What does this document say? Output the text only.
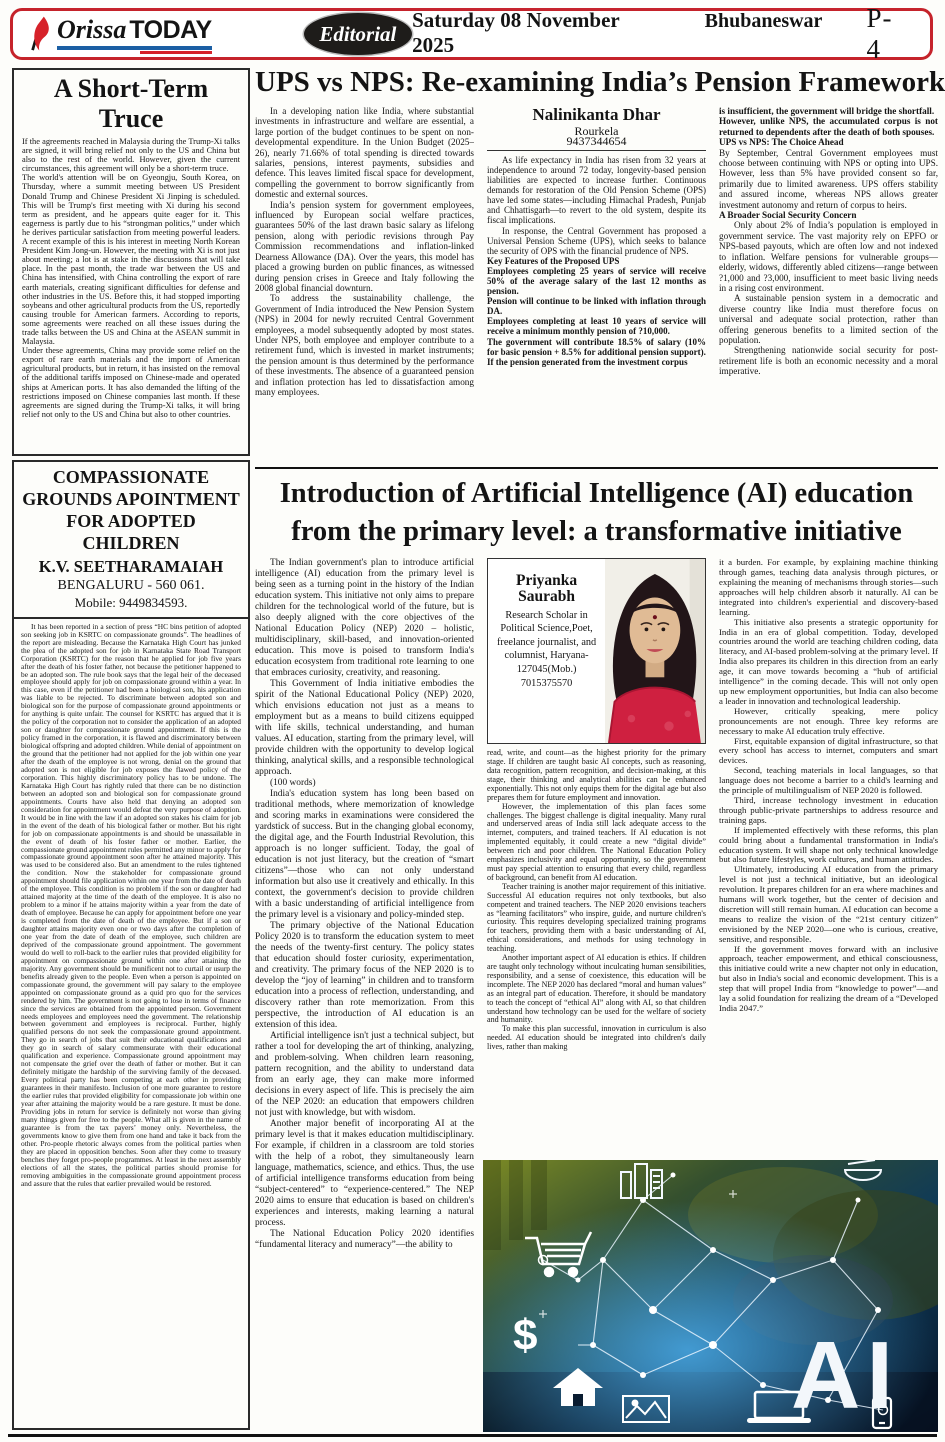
Orissa TODAY	Editorial
Saturday 08 November 2025
Bhubaneswar P-4
A Short-Term Truce

If the agreements reached in Malaysia during the Trump-Xi talks are signed, it will bring relief not only to the US and China but also to the rest of the world. However, given the current circumstances, this agreement will only be a short-term truce.

The world's attention will be on Gyeongju, South Korea, on Thursday, where a summit meeting between US President Donald Trump and Chinese President Xi Jinping is scheduled. This will be Trump's first meeting with Xi during his second term as president, and he appears quite eager for it. This eagerness is partly due to his “strongman politics,” under which he derives particular satisfaction from meeting powerful leaders. A recent example of this is his interest in meeting North Korean President Kim Jong-un. However, the meeting with Xi is not just about meeting; a lot is at stake in the discussions that will take place. In the past month, the trade war between the US and China has intensified, with China controlling the export of rare earth materials, creating significant difficulties for defense and other industries in the US. Before this, it had stopped importing soybeans and other agricultural products from the US, reportedly causing trouble for American farmers. According to reports, some agreements were reached on all these issues during the trade talks between the US and China at the ASEAN summit in Malaysia.

Under these agreements, China may provide some relief on the export of rare earth materials and the import of American agricultural products, but in return, it has insisted on the removal of the additional tariffs imposed on Chinese-made and operated ships at American ports. It has also demanded the lifting of the restrictions imposed on Chinese companies last month. If these agreements are signed during the Trump-Xi talks, it will bring relief not only to the US and China but also to other countries.

COMPASSIONATE GROUNDS APOINTMENT FOR ADOPTED CHILDREN
K.V. SEETHARAMAIAH
BENGALURU - 560 061.
Mobile: 9449834593.
It has been reported in a section of press “HC bins petition of adopted son seeking job in KSRTC on compassionate grounds”. The headlines of the report are misleading. Because the Karnataka High Court has junked the plea of the adopted son for job in Karnataka State Road Transport Corporation (KSRTC) for the reason that he applied for job five years after the death of his foster father, not because the petitioner happened to be an adopted son. The rule book says that the legal heir of the deceased employee should apply for job on compassionate ground within a year. In this case, even if the petitioner had been a biological son, his application was liable to be rejected. To discriminate between adopted son and biological son for the purpose of compassionate ground appointments or for anything is quite unfair. The counsel for KSRTC has argued that it is the policy of the corporation not to consider the application of an adopted son or daughter for compassionate ground appointment. If this is the policy framed in the corporation, it is flawed and discriminatory between biological offspring and adopted children. While denial of appointment on the ground that the petitioner had not applied for the job within one year after the death of the employee is not wrong, denial on the ground that adopted son is not eligible for job exposes the flawed policy of the corporation. This highly discriminatory policy has to be undone. The Karnataka High Court has rightly ruled that there can be no distinction between an adopted son and biological son for compassionate ground appointments. Courts have also held that denying an adopted son consideration for appointment would defeat the very purpose of adoption. It would be in line with the law if an adopted son stakes his claim for job in the event of the death of his biological father or mother. But his right for job on compassionate appointments is and should be unassailable in the event of death of his foster father or mother. Earlier, the compassionate ground appointment rules permitted any minor to apply for compassionate ground appointment soon after he attained majority. This was used to be considered also. But an amendment to the rules tightened the condition. Now the stakeholder for compassionate ground appointment should file application within one year from the date of death of the employee. This condition is no problem if the son or daughter had attained majority at the time of the death of the employee. It is also no problem to a minor if he attains majority within a year from the date of death of employee. Because he can apply for appointment before one year is completed from the date of death of the employee. But if a son or daughter attains majority even one or two days after the completion of one year from the date of death of the employee, such children are deprived of the compassionate ground appointment. The government would do well to roll-back to the earlier rules that provided eligibility for appointment on compassionate ground within one after attaining the majority. Any government should be munificent not to curtail or usurp the benefits already given to the people. Even when a person is appointed on compassionate ground, the government will pay salary to the employee appointed on compassionate ground as a quid pro quo for the services rendered by him. The government is not going to lose in terms of finance since the services are obtained from the appointed person. Government needs employees and employees need the government. The relationship between government and employees is reciprocal. Further, highly qualified persons do not seek the compassionate ground appointment. They go in search of jobs that suit their educational qualifications and they go in search of salary commensurate with their educational qualification and experience. Compassionate ground appointment may not compensate the grief over the death of father or mother. But it can definitely mitigate the hardship of the surviving family of the deceased. Every political party has been competing at each other in providing guarantees in their manifesto. Inclusion of one more guarantee to restore the earlier rules that provided eligibility for compassionate job within one year after attaining the majority would be a rare gesture. It must be done. Providing jobs in return for service is definitely not worse than giving many things given for free to the people. What all is given in the name of guarantee is from the tax payers’ money only. Nevertheless, the governments know to give them from one hand and take it back from the other. Pro-people rhetoric always comes from the political parties when they are placed in opposition benches. Soon after they come to treasury benches they forget pro-people programmes. At least in the next assembly elections of all the states, the political parties should promise for removing ambiguities in the compassionate ground appointment process and assure that the rules that earlier prevailed would be restored.
UPS vs NPS: Re-examining India’s Pension Framework

In a developing nation like India, where substantial investments in infrastructure and welfare are essential, a large portion of the budget continues to be spent on non-developmental expenditure. In the Union Budget (2025–26), nearly 71.66% of total spending is directed towards salaries, pensions, interest payments, subsidies and defence. This leaves limited fiscal space for development, compelling the government to borrow significantly from domestic and external sources.

India’s pension system for government employees, influenced by European social welfare practices, guarantees 50% of the last drawn basic salary as lifelong pension, along with periodic revisions through Pay Commission recommendations and inflation-linked Dearness Allowance (DA). Over the years, this model has placed a growing burden on public finances, as witnessed during pension crises in Greece and Italy following the 2008 global financial downturn.

To address the sustainability challenge, the Government of India introduced the New Pension System (NPS) in 2004 for newly recruited Central Government employees, a model subsequently adopted by most states. Under NPS, both employee and employer contribute to a retirement fund, which is invested in market instruments; the pension amount is thus determined by the performance of these investments. The absence of a guaranteed pension and inflation protection has led to dissatisfaction among many employees.

Nalinikanta Dhar
Rourkela
9437344654

As life expectancy in India has risen from 32 years at independence to around 72 today, longevity-based pension liabilities are expected to increase further. Continuous demands for restoration of the Old Pension Scheme (OPS) have led some states—including Himachal Pradesh, Punjab and Chhattisgarh—to revert to the old system, despite its fiscal implications.

In response, the Central Government has proposed a Universal Pension Scheme (UPS), which seeks to balance the security of OPS with the financial prudence of NPS.

Key Features of the Proposed UPS

Employees completing 25 years of service will receive 50% of the average salary of the last 12 months as pension.

Pension will continue to be linked with inflation through DA.

Employees completing at least 10 years of service will receive a minimum monthly pension of ?10,000.

The government will contribute 18.5% of salary (10% for basic pension + 8.5% for additional pension support).

If the pension generated from the investment corpus

is insufficient, the government will bridge the shortfall.

However, unlike NPS, the accumulated corpus is not returned to dependents after the death of both spouses.

UPS vs NPS: The Choice Ahead

By September, Central Government employees must choose between continuing with NPS or opting into UPS. However, less than 5% have provided consent so far, primarily due to limited awareness. UPS offers stability and assured income, whereas NPS allows greater investment autonomy and return of corpus to heirs.

A Broader Social Security Concern

Only about 2% of India’s population is employed in government service. The vast majority rely on EPFO or NPS-based payouts, which are often low and not indexed to inflation. Welfare pensions for vulnerable groups—elderly, widows, differently abled citizens—range between ?1,000 and ?3,000, insufficient to meet basic living needs in a rising cost environment.

A sustainable pension system in a democratic and diverse country like India must therefore focus on universal and adequate social protection, rather than offering generous benefits to a limited section of the population.

Strengthening nationwide social security for post-retirement life is both an economic necessity and a moral imperative.

Introduction of Artificial Intelligence (AI) education
from the primary level: a transformative initiative

The Indian government's plan to introduce artificial intelligence (AI) education from the primary level is being seen as a turning point in the history of the Indian education system. This initiative not only aims to prepare children for the technological world of the future, but is also deeply aligned with the core objectives of the National Education Policy (NEP) 2020 – holistic, multidisciplinary, skill-based, and innovation-oriented education. This move is poised to transform India's education ecosystem from traditional rote learning to one that embraces curiosity, creativity, and reasoning.

This Government of India initiative embodies the spirit of the National Educational Policy (NEP) 2020, which envisions education not just as a means to employment but as a means to build citizens equipped with life skills, technical understanding, and human values. AI education, starting from the primary level, will provide children with the opportunity to develop logical thinking, analytical skills, and a responsible technological approach.

(100 words)

India's education system has long been based on traditional methods, where memorization of knowledge and scoring marks in examinations were considered the yardstick of success. But in the changing global economy, the digital age, and the Fourth Industrial Revolution, this approach is no longer sufficient. Today, the goal of education is not just literacy, but the creation of “smart citizens”—those who can not only understand information but also use it creatively and ethically. In this context, the government's decision to provide children with a basic understanding of artificial intelligence from the primary level is a visionary and policy-minded step.

The primary objective of the National Education Policy 2020 is to transform the education system to meet the needs of the twenty-first century. The policy states that education should foster curiosity, experimentation, and creativity. The primary focus of the NEP 2020 is to develop the “joy of learning” in children and to transform education into a process of reflection, understanding, and discovery rather than rote memorization. From this perspective, the introduction of AI education is an extension of this idea.

Artificial intelligence isn't just a technical subject, but rather a tool for developing the art of thinking, analyzing, and problem-solving. When children learn reasoning, pattern recognition, and the ability to understand data from an early age, they can make more informed decisions in every aspect of life. This is precisely the aim of the NEP 2020: an education that empowers children not just with knowledge, but with wisdom.

Another major benefit of incorporating AI at the primary level is that it makes education multidisciplinary. For example, if children in a classroom are told stories with the help of a robot, they simultaneously learn language, mathematics, science, and ethics. Thus, the use of artificial intelligence transforms education from being “subject-centered” to “experience-centered.” The NEP 2020 aims to ensure that education is based on children's experiences and interests, making learning a natural process.

The National Education Policy 2020 identifies “fundamental literacy and numeracy”—the ability to

Priyanka Saurabh
Research Scholar in Political Science,Poet, freelance journalist, and columnist, Haryana-127045(Mob.) 7015375570

read, write, and count—as the highest priority for the primary stage. If children are taught basic AI concepts, such as reasoning, data recognition, pattern recognition, and decision-making, at this stage, their thinking and analytical abilities can be enhanced exponentially. This not only equips them for the digital age but also prepares them for future employment and innovation.

However, the implementation of this plan faces some challenges. The biggest challenge is digital inequality. Many rural and underserved areas of India still lack adequate access to the internet, computers, and trained teachers. If AI education is not implemented equitably, it could create a new “digital divide” between rich and poor children. The National Education Policy emphasizes inclusivity and equal opportunity, so the government must pay special attention to ensuring that every child, regardless of background, can benefit from AI education.

Teacher training is another major requirement of this initiative. Successful AI education requires not only textbooks, but also competent and trained teachers. The NEP 2020 envisions teachers as “learning facilitators” who inspire, guide, and nurture children's curiosity. This requires developing specialized training programs for teachers, providing them with a basic understanding of AI, ethical considerations, and methods for using technology in teaching.

Another important aspect of AI education is ethics. If children are taught only technology without inculcating human sensibilities, responsibility, and a sense of coexistence, this education will be incomplete. The NEP 2020 has declared “moral and human values” as an integral part of education. Therefore, it should be mandatory to teach the concept of “ethical AI” along with AI, so that children understand how technology can be used for the welfare of society and humanity.

To make this plan successful, innovation in curriculum is also needed. AI education should be integrated into children's daily lives, rather than making

it a burden. For example, by explaining machine thinking through games, teaching data analysis through pictures, or explaining the meaning of mechanisms through stories—such approaches will help children absorb it naturally. AI can be integrated into children's experiential and discovery-based learning.

This initiative also presents a strategic opportunity for India in an era of global competition. Today, developed countries around the world are teaching children coding, data literacy, and AI-based problem-solving at the primary level. If India also prepares its children in this direction from an early age, it can move towards becoming a “hub of artificial intelligence” in the coming decade. This will not only open up new employment opportunities, but India can also become a leader in innovation and technological leadership.

However, critically speaking, mere policy pronouncements are not enough. Three key reforms are necessary to make AI education truly effective.

First, equitable expansion of digital infrastructure, so that every school has access to internet, computers and smart devices.

Second, teaching materials in local languages, so that language does not become a barrier to a child's learning and the principle of multilingualism of NEP 2020 is followed.

Third, increase technology investment in education through public-private partnerships to address resource and training gaps.

If implemented effectively with these reforms, this plan could bring about a fundamental transformation in India's education system. It will shape not only technical knowledge but also future lifestyles, work cultures, and human attitudes.

Ultimately, introducing AI education from the primary level is not just a technical initiative, but an ideological revolution. It prepares children for an era where machines and humans will work together, but the center of decision and discretion will still remain human. AI education can become a means to realize the vision of the “21st century citizen” envisioned by the NEP 2020—one who is curious, creative, sensitive, and responsible.

If the government moves forward with an inclusive approach, teacher empowerment, and ethical consciousness, this initiative could write a new chapter not only in education, but also in India's social and economic development. This is a step that will propel India from “knowledge to power”—and lay a solid foundation for realizing the dream of a “Developed India 2047.”

$	AI
